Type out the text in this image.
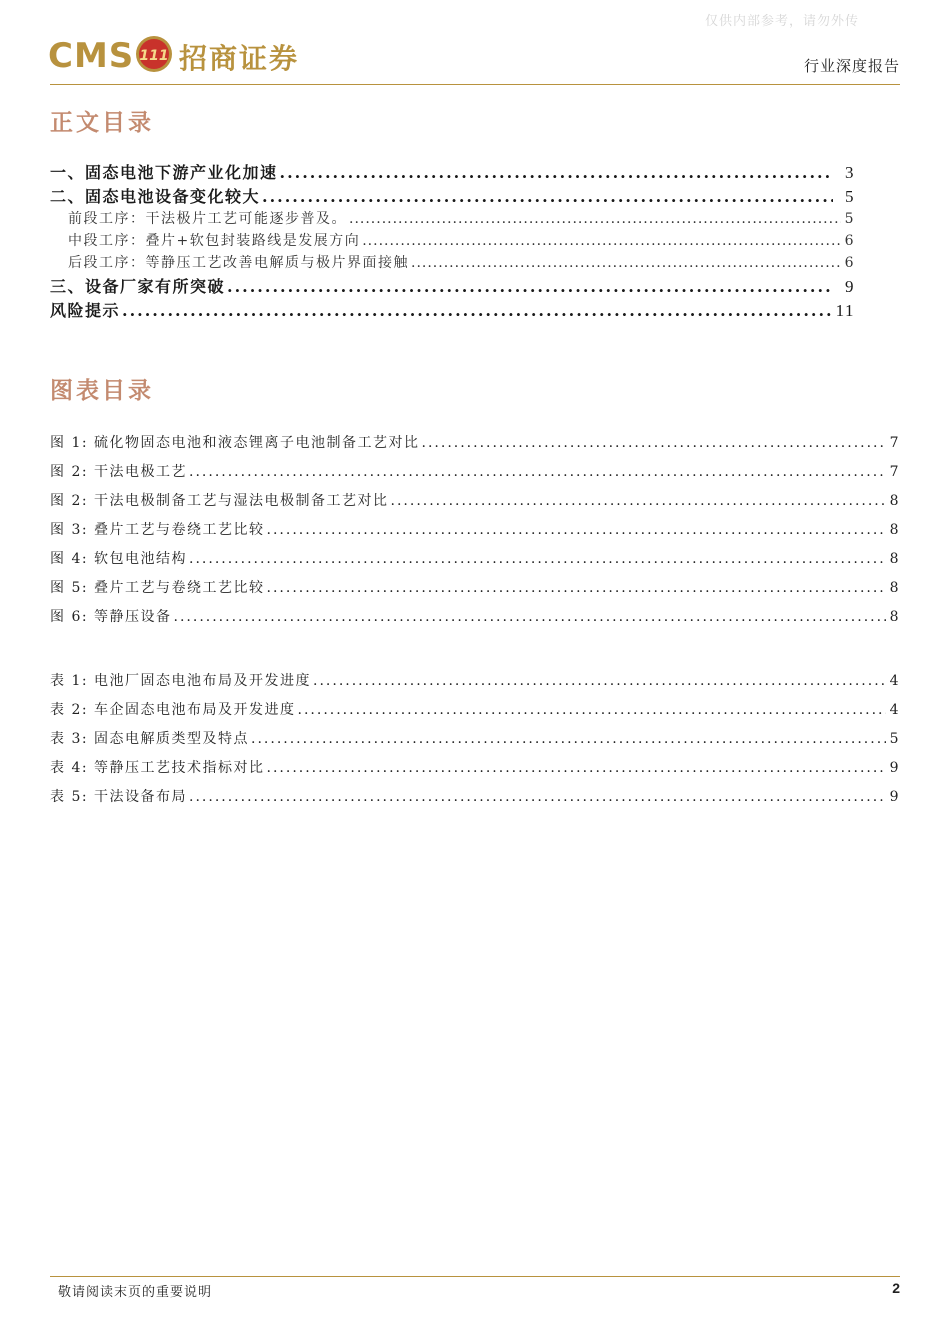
仅供内部参考，请勿外传
CMS 111 招商证券	行业深度报告
正文目录
一、固态电池下游产业化加速 .....	3
二、固态电池设备变化较大 .....	5
前段工序：干法极片工艺可能逐步普及。 .....	5
中段工序：叠片+软包封装路线是发展方向 .....	6
后段工序：等静压工艺改善电解质与极片界面接触 .....	6
三、设备厂家有所突破 .....	9
风险提示 .....	11
图表目录
图 1: 硫化物固态电池和液态锂离子电池制备工艺对比 .....	7
图 2: 干法电极工艺 .....	7
图 2: 干法电极制备工艺与湿法电极制备工艺对比 .....	8
图 3: 叠片工艺与卷绕工艺比较 .....	8
图 4: 软包电池结构 .....	8
图 5: 叠片工艺与卷绕工艺比较 .....	8
图 6: 等静压设备 .....	8
表 1: 电池厂固态电池布局及开发进度 .....	4
表 2: 车企固态电池布局及开发进度 .....	4
表 3: 固态电解质类型及特点 .....	5
表 4: 等静压工艺技术指标对比 .....	9
表 5: 干法设备布局 .....	9
敬请阅读末页的重要说明	2
